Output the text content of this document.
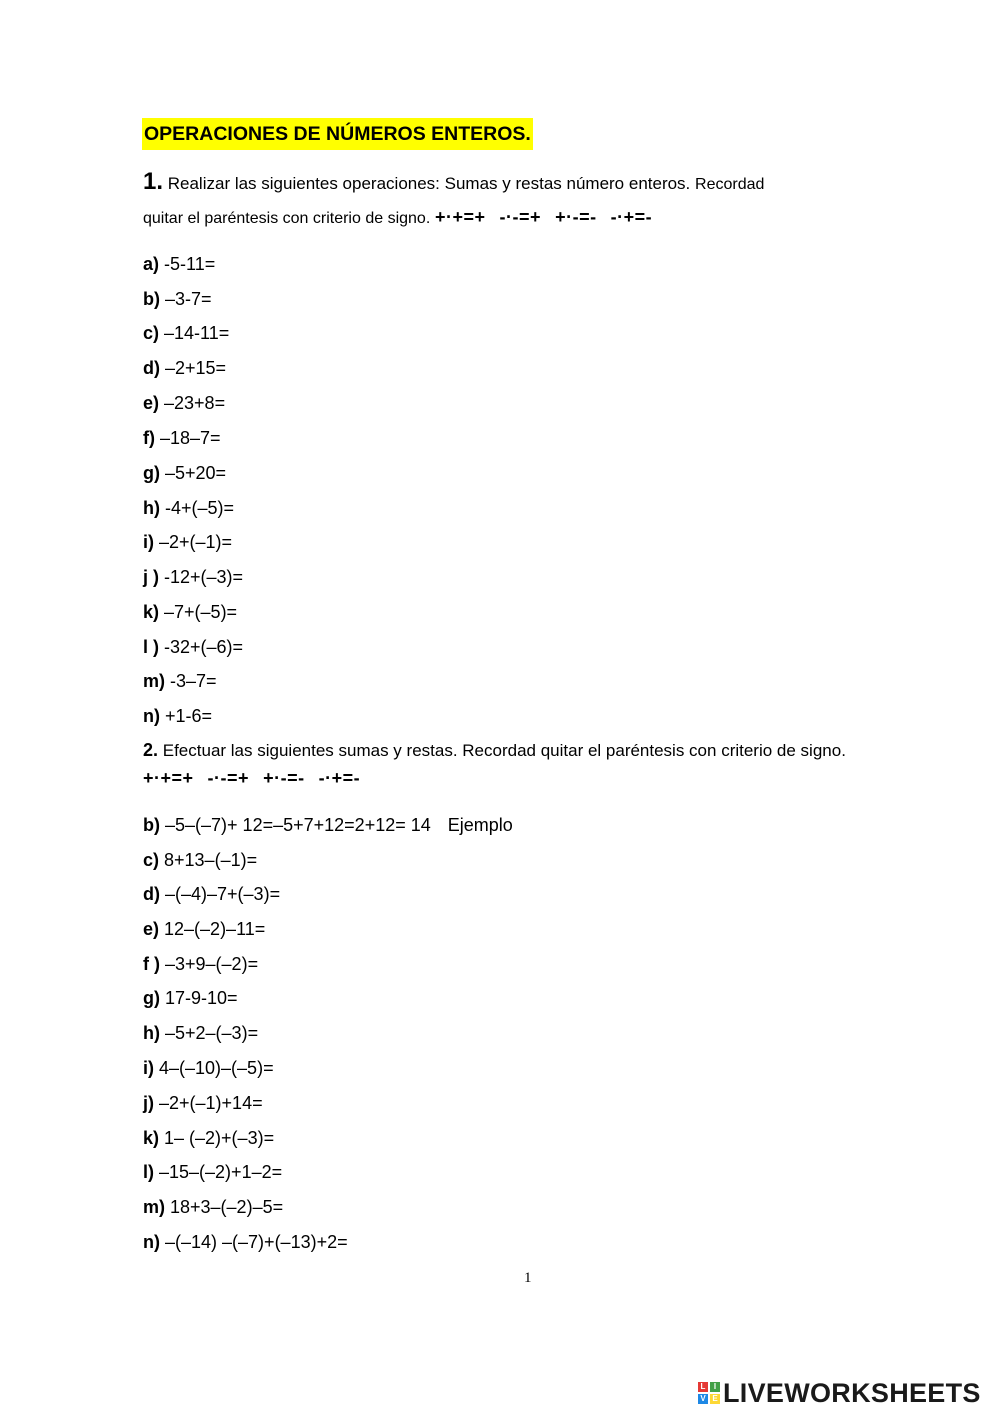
OPERACIONES DE NÚMEROS ENTEROS.
1. Realizar las siguientes operaciones: Sumas y restas número enteros. Recordad
quitar el paréntesis con criterio de signo. +·+=+ -·-=+ +·-=- -·+=-
a) -5-11=
b) –3-7=
c) –14-11=
d) –2+15=
e) –23+8=
f) –18–7=
g) –5+20=
h) -4+(–5)=
i) –2+(–1)=
j ) -12+(–3)=
k) –7+(–5)=
l ) -32+(–6)=
m) -3–7=
n) +1-6=
2. Efectuar las siguientes sumas y restas. Recordad quitar el paréntesis con criterio de signo.
+·+=+ -·-=+ +·-=- -·+=-
b) –5–(–7)+ 12=–5+7+12=2+12= 14 Ejemplo
c) 8+13–(–1)=
d) –(–4)–7+(–3)=
e) 12–(–2)–11=
f ) –3+9–(–2)=
g) 17-9-10=
h) –5+2–(–3)=
i) 4–(–10)–(–5)=
j) –2+(–1)+14=
k) 1– (–2)+(–3)=
l) –15–(–2)+1–2=
m) 18+3–(–2)–5=
n) –(–14) –(–7)+(–13)+2=
1
L	I
V E LIVEWORKSHEETS
